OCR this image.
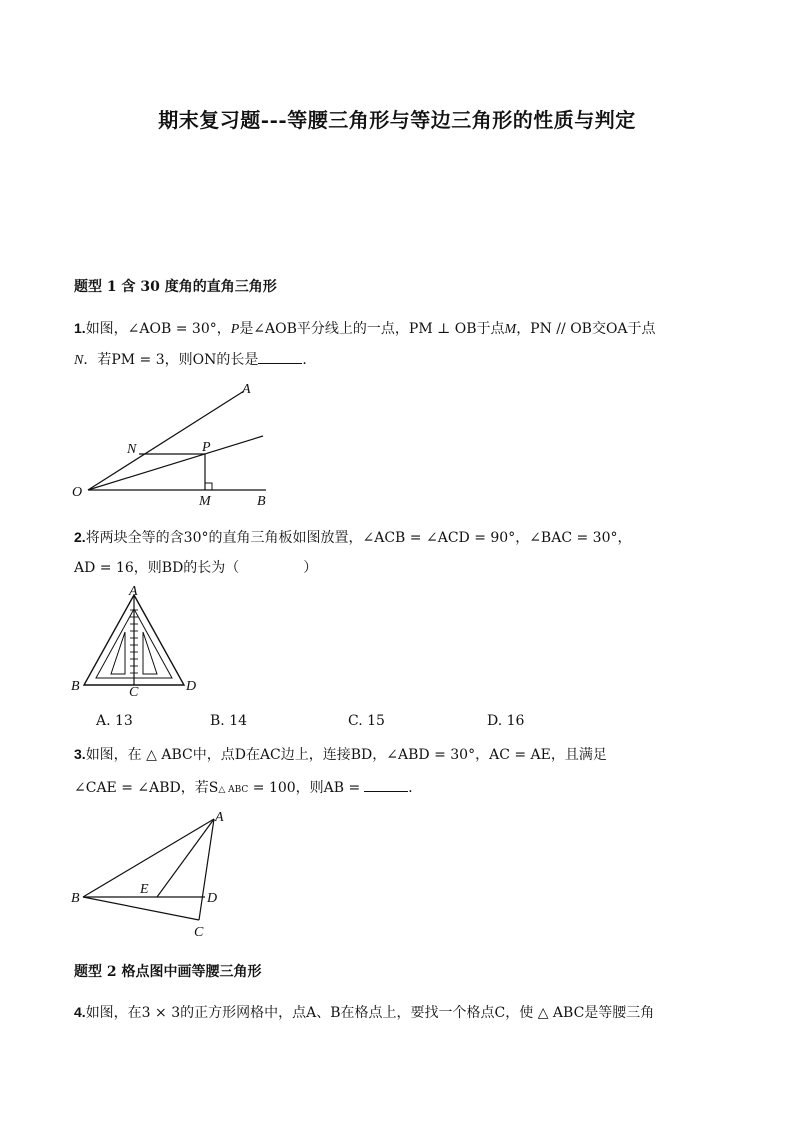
期末复习题---等腰三角形与等边三角形的性质与判定
题型 1 含 30 度角的直角三角形
1.如图，∠AOB = 30°，P是∠AOB平分线上的一点，PM ⊥ OB于点M，PN // OB交OA于点
N．若PM = 3，则ON的长是	．
A
N	P
O
M	B
2.将两块全等的含30°的直角三角板如图放置，∠ACB = ∠ACD = 90°，∠BAC = 30°，
AD = 16，则BD的长为（	）
A
B	C	D
A. 13	B. 14	C. 15	D. 16
3.如图，在 △ ABC中，点D在AC边上，连接BD，∠ABD = 30°，AC = AE，且满足
∠CAE = ∠ABD，若S△ ABC = 100，则AB =	．
A
B
E
D
C
题型 2 格点图中画等腰三角形
4.如图，在3 × 3的正方形网格中，点A、B在格点上，要找一个格点C，使 △ ABC是等腰三角
